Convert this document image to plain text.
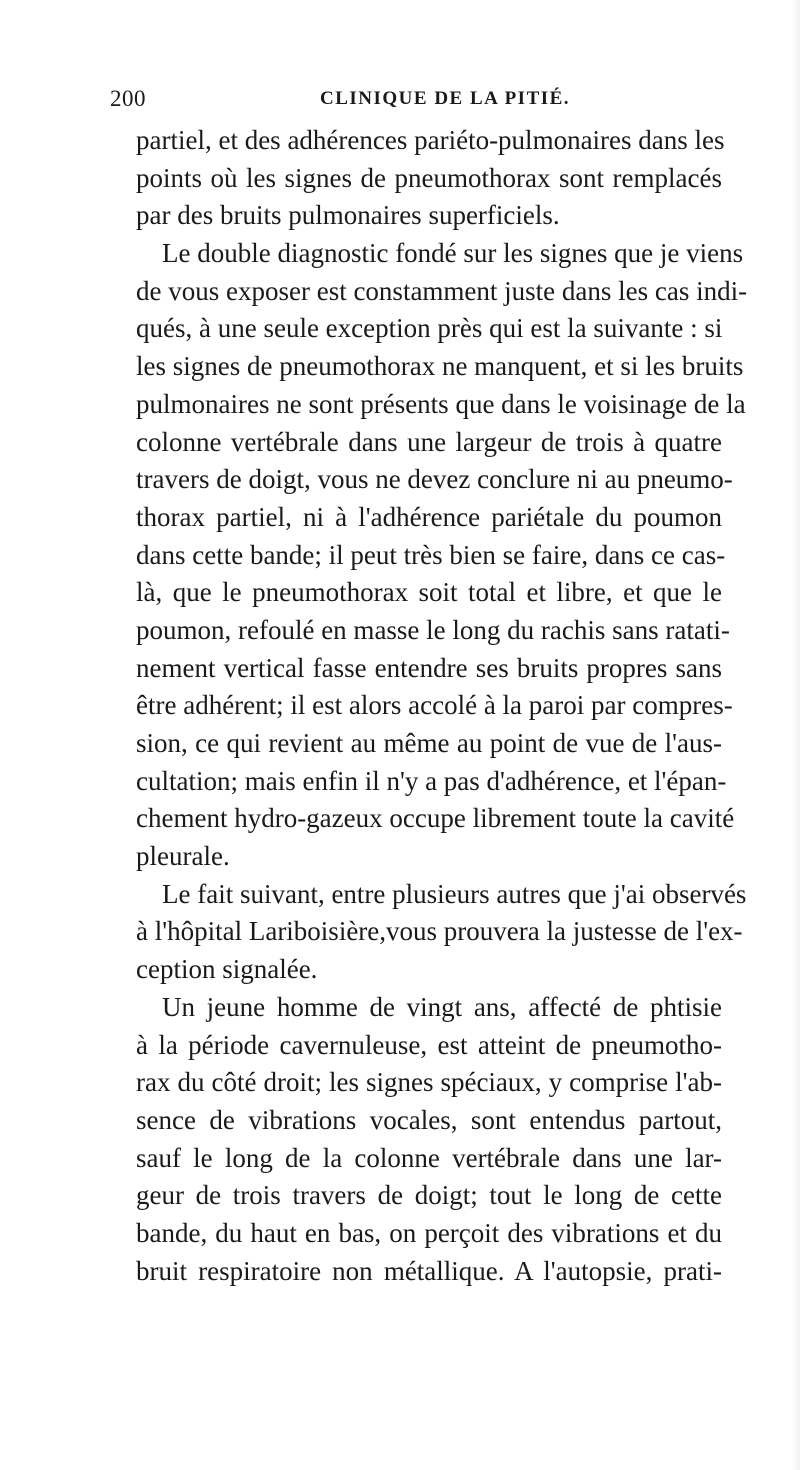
200	CLINIQUE DE LA PITIÉ.
partiel, et des adhérences pariéto-pulmonaires dans les
points où les signes de pneumothorax sont remplacés
par des bruits pulmonaires superficiels.
Le double diagnostic fondé sur les signes que je viens
de vous exposer est constamment juste dans les cas indi-
qués, à une seule exception près qui est la suivante : si
les signes de pneumothorax ne manquent, et si les bruits
pulmonaires ne sont présents que dans le voisinage de la
colonne vertébrale dans une largeur de trois à quatre
travers de doigt, vous ne devez conclure ni au pneumo-
thorax partiel, ni à l'adhérence pariétale du poumon
dans cette bande; il peut très bien se faire, dans ce cas-
là, que le pneumothorax soit total et libre, et que le
poumon, refoulé en masse le long du rachis sans ratati-
nement vertical fasse entendre ses bruits propres sans
être adhérent; il est alors accolé à la paroi par compres-
sion, ce qui revient au même au point de vue de l'aus-
cultation; mais enfin il n'y a pas d'adhérence, et l'épan-
chement hydro-gazeux occupe librement toute la cavité
pleurale.
Le fait suivant, entre plusieurs autres que j'ai observés
à l'hôpital Lariboisière,vous prouvera la justesse de l'ex-
ception signalée.
Un jeune homme de vingt ans, affecté de phtisie
à la période cavernuleuse, est atteint de pneumotho-
rax du côté droit; les signes spéciaux, y comprise l'ab-
sence de vibrations vocales, sont entendus partout,
sauf le long de la colonne vertébrale dans une lar-
geur de trois travers de doigt; tout le long de cette
bande, du haut en bas, on perçoit des vibrations et du
bruit respiratoire non métallique. A l'autopsie, prati-
